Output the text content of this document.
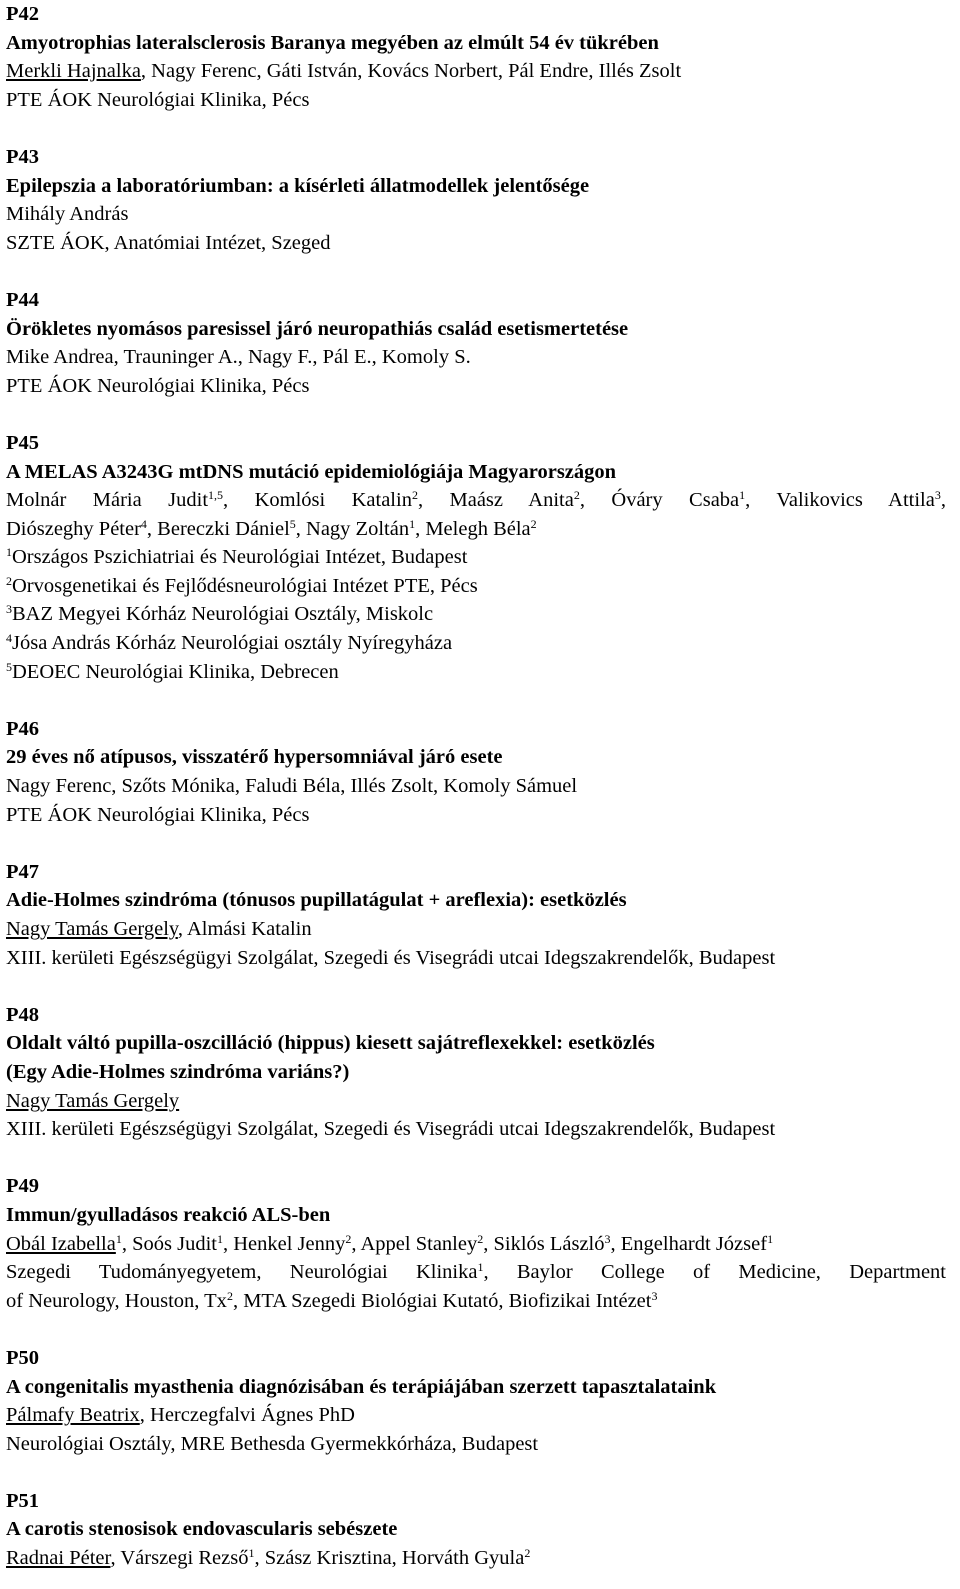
P42
Amyotrophias lateralsclerosis Baranya megyében az elmúlt 54 év tükrében
Merkli Hajnalka, Nagy Ferenc, Gáti István, Kovács Norbert, Pál Endre, Illés Zsolt
PTE ÁOK Neurológiai Klinika, Pécs
P43
Epilepszia a laboratóriumban: a kísérleti állatmodellek jelentősége
Mihály András
SZTE ÁOK, Anatómiai Intézet, Szeged
P44
Örökletes nyomásos paresissel járó neuropathiás család esetismertetése
Mike Andrea, Trauninger A., Nagy F., Pál E., Komoly S.
PTE ÁOK Neurológiai Klinika, Pécs
P45
A MELAS A3243G mtDNS mutáció epidemiológiája Magyarországon
Molnár Mária Judit$^{1,5}$, Komlósi Katalin$^2$, Maász Anita$^2$, Óváry Csaba$^1$, Valikovics Attila$^3$,
Diószeghy Péter$^4$, Bereczki Dániel$^5$, Nagy Zoltán$^1$, Melegh Béla$^2$
$^1$Országos Pszichiatriai és Neurológiai Intézet, Budapest
$^2$Orvosgenetikai és Fejlődésneurológiai Intézet PTE, Pécs
$^3$BAZ Megyei Kórház Neurológiai Osztály, Miskolc
$^4$Jósa András Kórház Neurológiai osztály Nyíregyháza
$^5$DEOEC Neurológiai Klinika, Debrecen
P46
29 éves nő atípusos, visszatérő hypersomniával járó esete
Nagy Ferenc, Szőts Mónika, Faludi Béla, Illés Zsolt, Komoly Sámuel
PTE ÁOK Neurológiai Klinika, Pécs
P47
Adie-Holmes szindróma (tónusos pupillatágulat + areflexia): esetközlés
Nagy Tamás Gergely, Almási Katalin
XIII. kerületi Egészségügyi Szolgálat, Szegedi és Visegrádi utcai Idegszakrendelők, Budapest
P48
Oldalt váltó pupilla-oszcilláció (hippus) kiesett sajátreflexekkel: esetközlés
(Egy Adie-Holmes szindróma variáns?)
Nagy Tamás Gergely
XIII. kerületi Egészségügyi Szolgálat, Szegedi és Visegrádi utcai Idegszakrendelők, Budapest
P49
Immun/gyulladásos reakció ALS-ben
Obál Izabella$^1$, Soós Judit$^1$, Henkel Jenny$^2$, Appel Stanley$^2$, Siklós László$^3$, Engelhardt József$^1$
Szegedi Tudományegyetem, Neurológiai Klinika$^1$, Baylor College of Medicine, Department
of Neurology, Houston, Tx$^2$, MTA Szegedi Biológiai Kutató, Biofizikai Intézet$^3$
P50
A congenitalis myasthenia diagnózisában és terápiájában szerzett tapasztalataink
Pálmafy Beatrix, Herczegfalvi Ágnes PhD
Neurológiai Osztály, MRE Bethesda Gyermekkórháza, Budapest
P51
A carotis stenosisok endovascularis sebészete
Radnai Péter, Várszegi Rezső$^1$, Szász Krisztina, Horváth Gyula$^2$
